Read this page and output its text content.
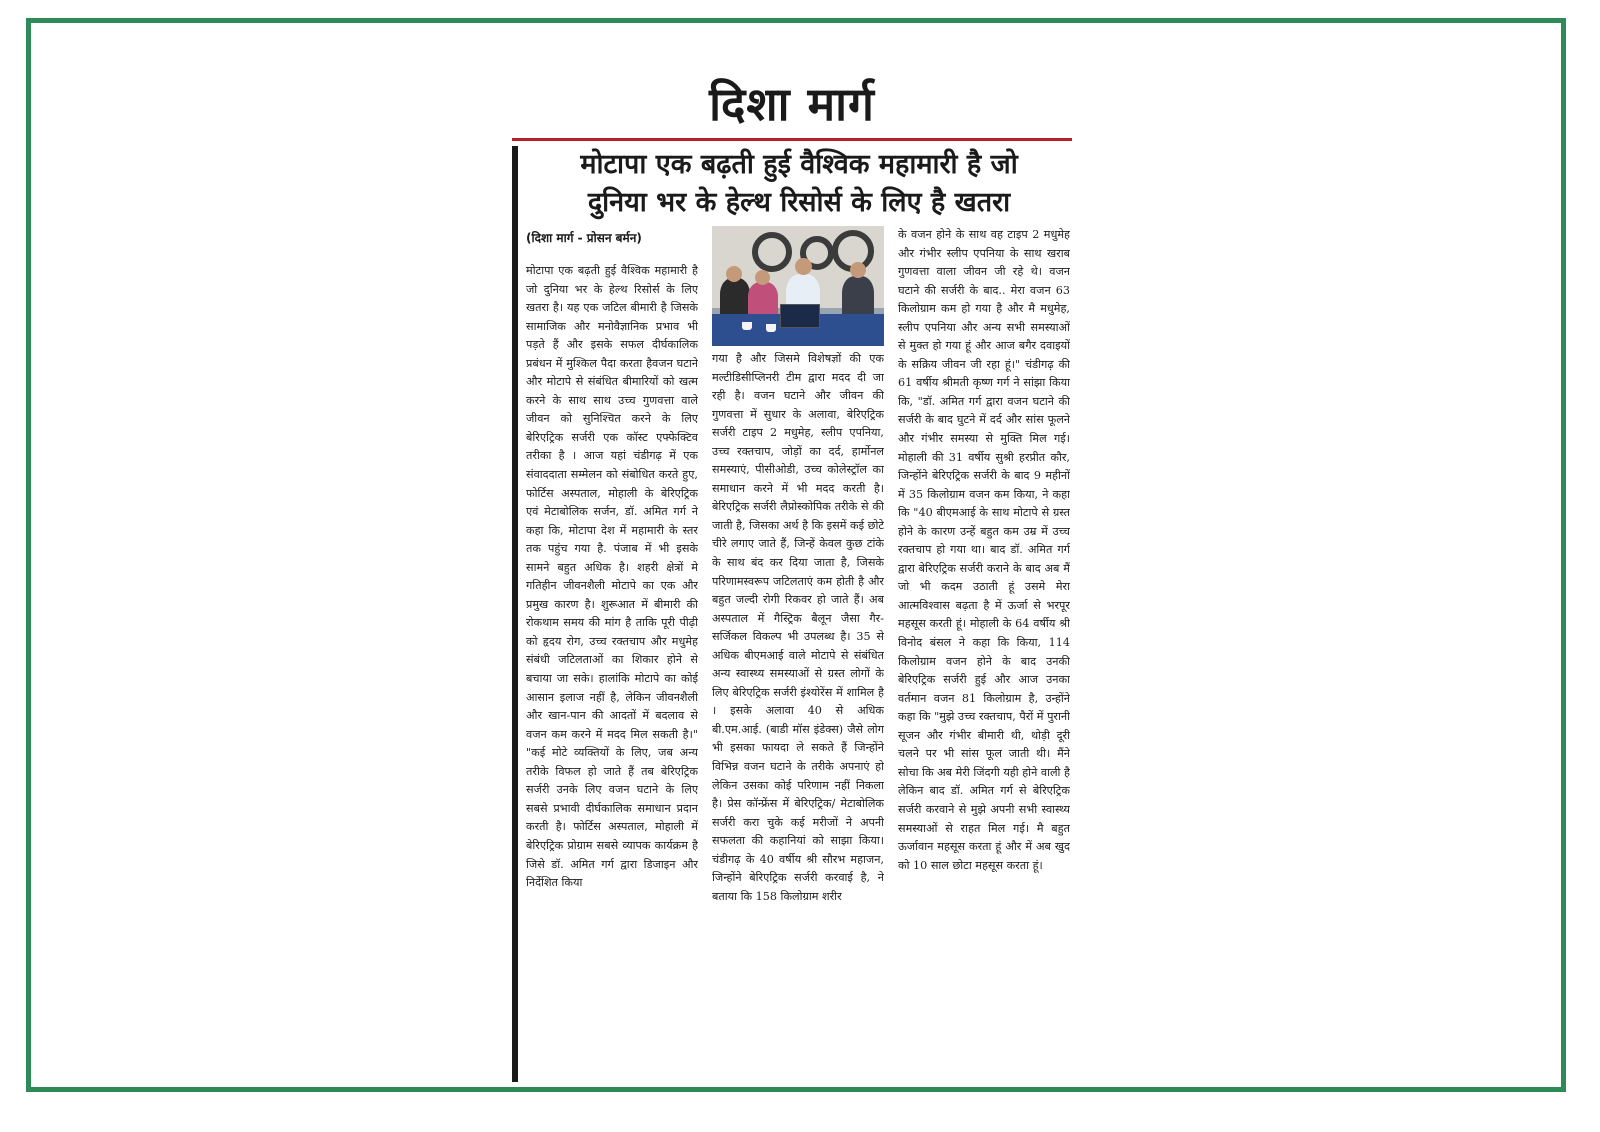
दिशा मार्ग
मोटापा एक बढ़ती हुई वैश्विक महामारी है जो
दुनिया भर के हेल्थ रिसोर्स के लिए है खतरा
(दिशा मार्ग - प्रोसन बर्मन)

मोटापा एक बढ़ती हुई वैश्विक महामारी है जो दुनिया भर के हेल्थ रिसोर्स के लिए खतरा है। यह एक जटिल बीमारी है जिसके सामाजिक और मनोवैज्ञानिक प्रभाव भी पड़ते हैं और इसके सफल दीर्घकालिक प्रबंधन में मुश्किल पैदा करता हैवजन घटाने और मोटापे से संबंधित बीमारियों को खत्म करने के साथ साथ उच्च गुणवत्ता वाले जीवन को सुनिश्चित करने के लिए बेरिएट्रिक सर्जरी एक कॉस्ट एफ्फेक्टिव तरीका है । आज यहां चंडीगढ़ में एक संवाददाता सम्मेलन को संबोधित करते हुए, फोर्टिस अस्पताल, मोहाली के बेरिएट्रिक एवं मेटाबोलिक सर्जन, डॉ. अमित गर्ग ने कहा कि, मोटापा देश में महामारी के स्तर तक पहुंच गया है. पंजाब में भी इसके सामने बहुत अधिक है। शहरी क्षेत्रों मे गतिहीन जीवनशैली मोटापे का एक और प्रमुख कारण है। शुरूआत में बीमारी की रोकथाम समय की मांग है ताकि पूरी पीढ़ी को हृदय रोग, उच्च रक्तचाप और मधुमेह संबंधी जटिलताओं का शिकार होने से बचाया जा सके। हालांकि मोटापे का कोई आसान इलाज नहीं है, लेकिन जीवनशैली और खान-पान की आदतों में बदलाव से वजन कम करने में मदद मिल सकती है।" "कई मोटे व्यक्तियों के लिए, जब अन्य तरीके विफल हो जाते हैं तब बेरिएट्रिक सर्जरी उनके लिए वजन घटाने के लिए सबसे प्रभावी दीर्घकालिक समाधान प्रदान करती है। फोर्टिस अस्पताल, मोहाली में बेरिएट्रिक प्रोग्राम सबसे व्यापक कार्यक्रम है जिसे डॉ. अमित गर्ग द्वारा डिजाइन और निर्देशित किया

गया है और जिसमे विशेषज्ञों की एक मल्टीडिसीप्लिनरी टीम द्वारा मदद दी जा रही है। वजन घटाने और जीवन की गुणवत्ता में सुधार के अलावा, बेरिएट्रिक सर्जरी टाइप 2 मधुमेह, स्लीप एपनिया, उच्च रक्तचाप, जोड़ों का दर्द, हार्मोनल समस्याएं, पीसीओडी, उच्च कोलेस्ट्रॉल का समाधान करने में भी मदद करती है। बेरिएट्रिक सर्जरी लैप्रोस्कोपिक तरीके से की जाती है, जिसका अर्थ है कि इसमें कई छोटे चीरे लगाए जाते हैं, जिन्हें केवल कुछ टांके के साथ बंद कर दिया जाता है, जिसके परिणामस्वरूप जटिलताएं कम होती है और बहुत जल्दी रोगी रिकवर हो जाते हैं। अब अस्पताल में गैस्ट्रिक बैलून जैसा गैर-सर्जिकल विकल्प भी उपलब्ध है। 35 से अधिक बीएमआई वाले मोटापे से संबंधित अन्य स्वास्थ्य समस्याओं से ग्रस्त लोगों के लिए बेरिएट्रिक सर्जरी इंश्योरेंस में शामिल है । इसके अलावा 40 से अधिक बी.एम.आई. (बाडी मॉस इंडेक्स) जैसे लोग भी इसका फायदा ले सकते हैं जिन्होंने विभिन्न वजन घटाने के तरीके अपनाएं हो लेकिन उसका कोई परिणाम नहीं निकला है। प्रेस कॉन्फ्रेंस में बेरिएट्रिक/ मेटाबोलिक सर्जरी करा चुके कई मरीजों ने अपनी सफलता की कहानियां को साझा किया। चंडीगढ़ के 40 वर्षीय श्री सौरभ महाजन, जिन्होंने बेरिएट्रिक सर्जरी करवाई है, ने बताया कि 158 किलोग्राम शरीर

के वजन होने के साथ वह टाइप 2 मधुमेह और गंभीर स्लीप एपनिया के साथ खराब गुणवत्ता वाला जीवन जी रहे थे। वजन घटाने की सर्जरी के बाद.. मेरा वजन 63 किलोग्राम कम हो गया है और मै मधुमेह, स्लीप एपनिया और अन्य सभी समस्याओं से मुक्त हो गया हूं और आज बगैर दवाइयों के सक्रिय जीवन जी रहा हूं।" चंडीगढ़ की 61 वर्षीय श्रीमती कृष्ण गर्ग ने सांझा किया कि, "डॉ. अमित गर्ग द्वारा वजन घटाने की सर्जरी के बाद घुटने में दर्द और सांस फूलने और गंभीर समस्या से मुक्ति मिल गई। मोहाली की 31 वर्षीय सुश्री हरप्रीत कौर, जिन्होंने बेरिएट्रिक सर्जरी के बाद 9 महीनों में 35 किलोग्राम वजन कम किया, ने कहा कि "40 बीएमआई के साथ मोटापे से ग्रस्त होने के कारण उन्हें बहुत कम उम्र में उच्च रक्तचाप हो गया था। बाद डॉ. अमित गर्ग द्वारा बेरिएट्रिक सर्जरी कराने के बाद अब मैं जो भी कदम उठाती हूं उसमे मेरा आत्मविश्वास बढ़ता है में ऊर्जा से भरपूर महसूस करती हूं। मोहाली के 64 वर्षीय श्री विनोद बंसल ने कहा कि किया, 114 किलोग्राम वजन होने के बाद उनकी बेरिएट्रिक सर्जरी हुई और आज उनका वर्तमान वजन 81 किलोग्राम है, उन्होंने कहा कि "मुझे उच्च रक्तचाप, पैरों में पुरानी सूजन और गंभीर बीमारी थी, थोड़ी दूरी चलने पर भी सांस फूल जाती थी। मैंने सोचा कि अब मेरी जिंदगी यही होने वाली है लेकिन बाद डॉ. अमित गर्ग से बेरिएट्रिक सर्जरी करवाने से मुझे अपनी सभी स्वास्थ्य समस्याओं से राहत मिल गई। मै बहुत ऊर्जावान महसूस करता हूं और में अब खुद को 10 साल छोटा महसूस करता हूं।
